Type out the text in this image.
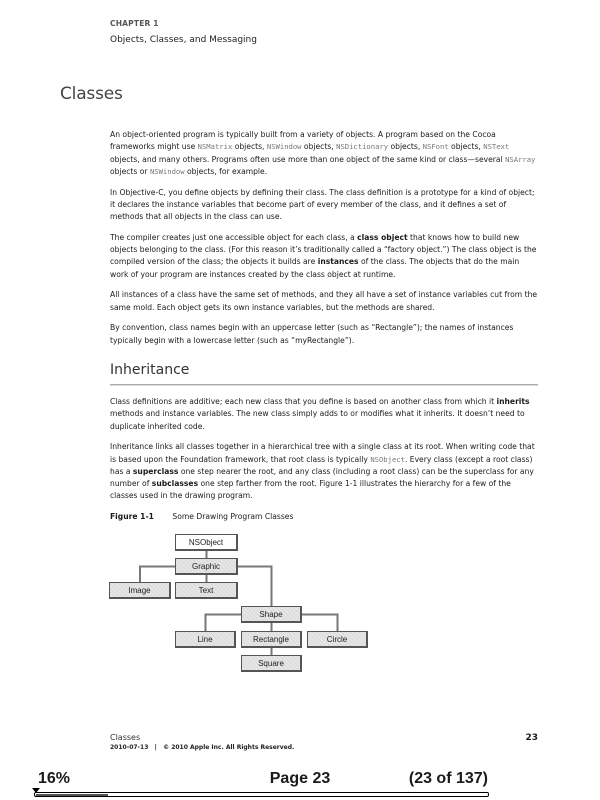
CHAPTER 1
Objects, Classes, and Messaging
Classes

An object-oriented program is typically built from a variety of objects. A program based on the Cocoa frameworks might use NSMatrix objects, NSWindow objects, NSDictionary objects, NSFont objects, NSText objects, and many others. Programs often use more than one object of the same kind or class—several NSArray objects or NSWindow objects, for example.

In Objective-C, you define objects by defining their class. The class definition is a prototype for a kind of object; it declares the instance variables that become part of every member of the class, and it defines a set of methods that all objects in the class can use.

The compiler creates just one accessible object for each class, a class object that knows how to build new objects belonging to the class. (For this reason it’s traditionally called a “factory object.”) The class object is the compiled version of the class; the objects it builds are instances of the class. The objects that do the main work of your program are instances created by the class object at runtime.

All instances of a class have the same set of methods, and they all have a set of instance variables cut from the same mold. Each object gets its own instance variables, but the methods are shared.

By convention, class names begin with an uppercase letter (such as “Rectangle”); the names of instances typically begin with a lowercase letter (such as “myRectangle”).

Inheritance

Class definitions are additive; each new class that you define is based on another class from which it inherits methods and instance variables. The new class simply adds to or modifies what it inherits. It doesn’t need to duplicate inherited code.

Inheritance links all classes together in a hierarchical tree with a single class at its root. When writing code that is based upon the Foundation framework, that root class is typically NSObject. Every class (except a root class) has a superclass one step nearer the root, and any class (including a root class) can be the superclass for any number of subclasses one step farther from the root. Figure 1-1 illustrates the hierarchy for a few of the classes used in the drawing program.

Figure 1-1 Some Drawing Program Classes
NSObject
Graphic
Image	Text
Shape
Line	Rectangle	Circle
Square
Classes
2010-07-13   |   © 2010 Apple Inc. All Rights Reserved.
23
16%	Page 23	(23 of 137)
